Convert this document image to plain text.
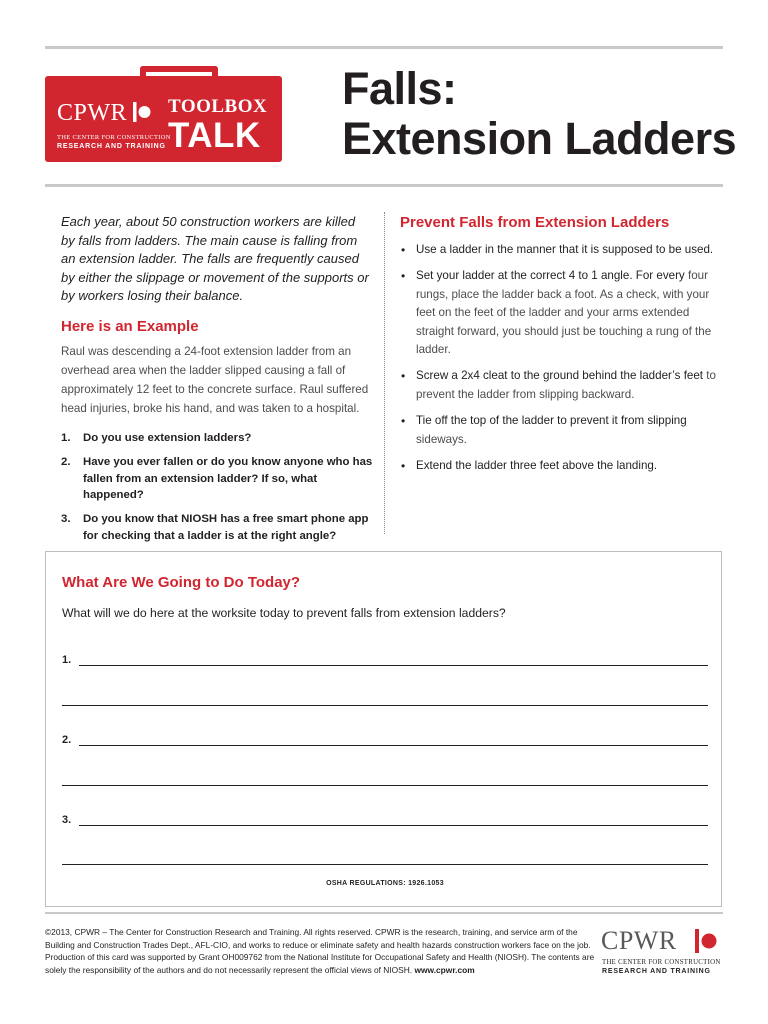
CPWR
THE CENTER FOR CONSTRUCTION
RESEARCH AND TRAINING
TOOLBOX
TALK
Falls:
Extension Ladders
Each year, about 50 construction workers are killed by falls from ladders. The main cause is falling from an extension ladder. The falls are frequently caused by either the slippage or movement of the supports or by workers losing their balance.
Here is an Example
Raul was descending a 24-foot extension ladder from an overhead area when the ladder slipped causing a fall of approximately 12 feet to the concrete surface. Raul suffered head injuries, broke his hand, and was taken to a hospital.
1. Do you use extension ladders?
2. Have you ever fallen or do you know anyone who has fallen from an extension ladder? If so, what happened?
3. Do you know that NIOSH has a free smart phone app for checking that a ladder is at the right angle?
Prevent Falls from Extension Ladders
• Use a ladder in the manner that it is supposed to be used.
• Set your ladder at the correct 4 to 1 angle. For every four rungs, place the ladder back a foot. As a check, with your feet on the feet of the ladder and your arms extended straight forward, you should just be touching a rung of the ladder.
• Screw a 2x4 cleat to the ground behind the ladder’s feet to prevent the ladder from slipping backward.
• Tie off the top of the ladder to prevent it from slipping sideways.
• Extend the ladder three feet above the landing.
What Are We Going to Do Today?
What will we do here at the worksite today to prevent falls from extension ladders?
1.
2.
3.
OSHA REGULATIONS: 1926.1053
©2013, CPWR – The Center for Construction Research and Training. All rights reserved. CPWR is the research, training, and service arm of the Building and Construction Trades Dept., AFL-CIO, and works to reduce or eliminate safety and health hazards construction workers face on the job. Production of this card was supported by Grant OH009762 from the National Institute for Occupational Safety and Health (NIOSH). The contents are solely the responsibility of the authors and do not necessarily represent the official views of NIOSH. www.cpwr.com
CPWR
THE CENTER FOR CONSTRUCTION
RESEARCH AND TRAINING
